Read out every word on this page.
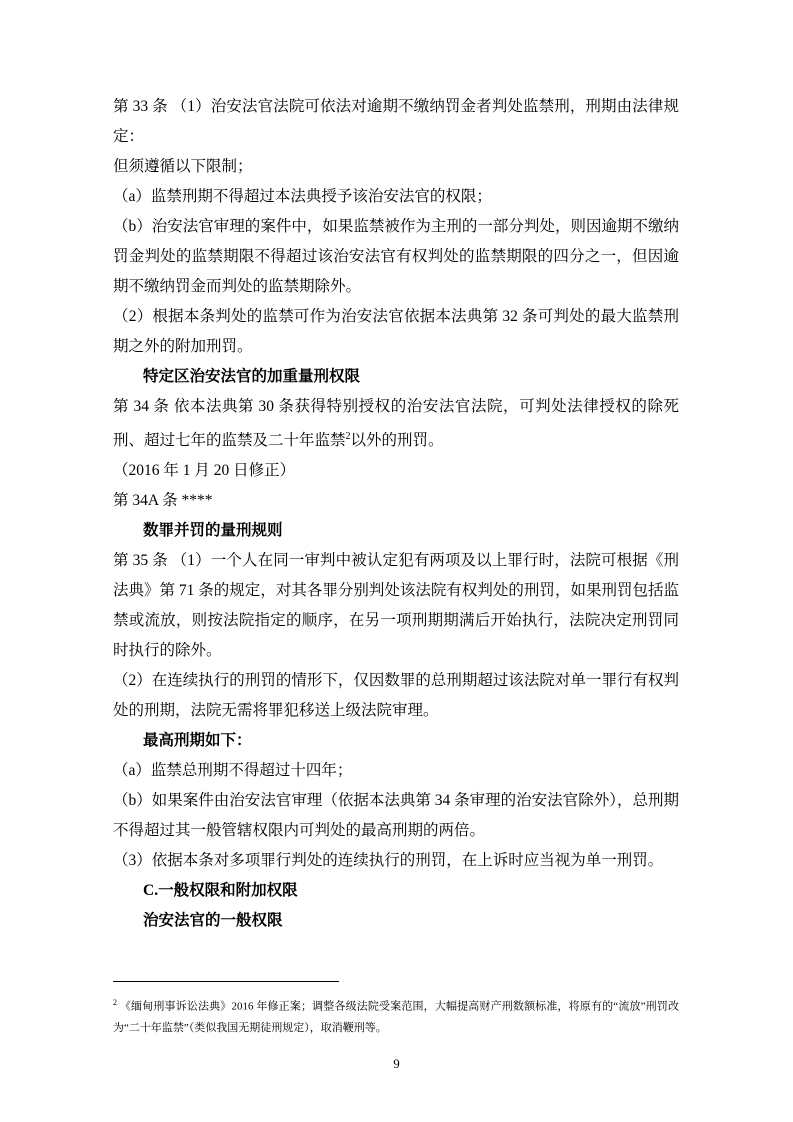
第 33 条 （1）治安法官法院可依法对逾期不缴纳罚金者判处监禁刑，刑期由法律规定：

但须遵循以下限制；

（a）监禁刑期不得超过本法典授予该治安法官的权限；

（b）治安法官审理的案件中，如果监禁被作为主刑的一部分判处，则因逾期不缴纳罚金判处的监禁期限不得超过该治安法官有权判处的监禁期限的四分之一，但因逾期不缴纳罚金而判处的监禁期除外。

（2）根据本条判处的监禁可作为治安法官依据本法典第 32 条可判处的最大监禁刑期之外的附加刑罚。

特定区治安法官的加重量刑权限

第 34 条 依本法典第 30 条获得特别授权的治安法官法院，可判处法律授权的除死刑、超过七年的监禁及二十年监禁$^2$以外的刑罚。

（2016 年 1 月 20 日修正）

第 34A 条 ****

数罪并罚的量刑规则

第 35 条 （1）一个人在同一审判中被认定犯有两项及以上罪行时，法院可根据《刑法典》第 71 条的规定，对其各罪分别判处该法院有权判处的刑罚，如果刑罚包括监禁或流放，则按法院指定的顺序，在另一项刑期期满后开始执行，法院决定刑罚同时执行的除外。

（2）在连续执行的刑罚的情形下，仅因数罪的总刑期超过该法院对单一罪行有权判处的刑期，法院无需将罪犯移送上级法院审理。

最高刑期如下：

（a）监禁总刑期不得超过十四年；

（b）如果案件由治安法官审理（依据本法典第 34 条审理的治安法官除外），总刑期不得超过其一般管辖权限内可判处的最高刑期的两倍。

（3）依据本条对多项罪行判处的连续执行的刑罚，在上诉时应当视为单一刑罚。

C.一般权限和附加权限

治安法官的一般权限

$^2$ 《缅甸刑事诉讼法典》2016 年修正案；调整各级法院受案范围，大幅提高财产刑数额标准，将原有的“流放”刑罚改为“二十年监禁”（类似我国无期徒刑规定），取消鞭刑等。
9
